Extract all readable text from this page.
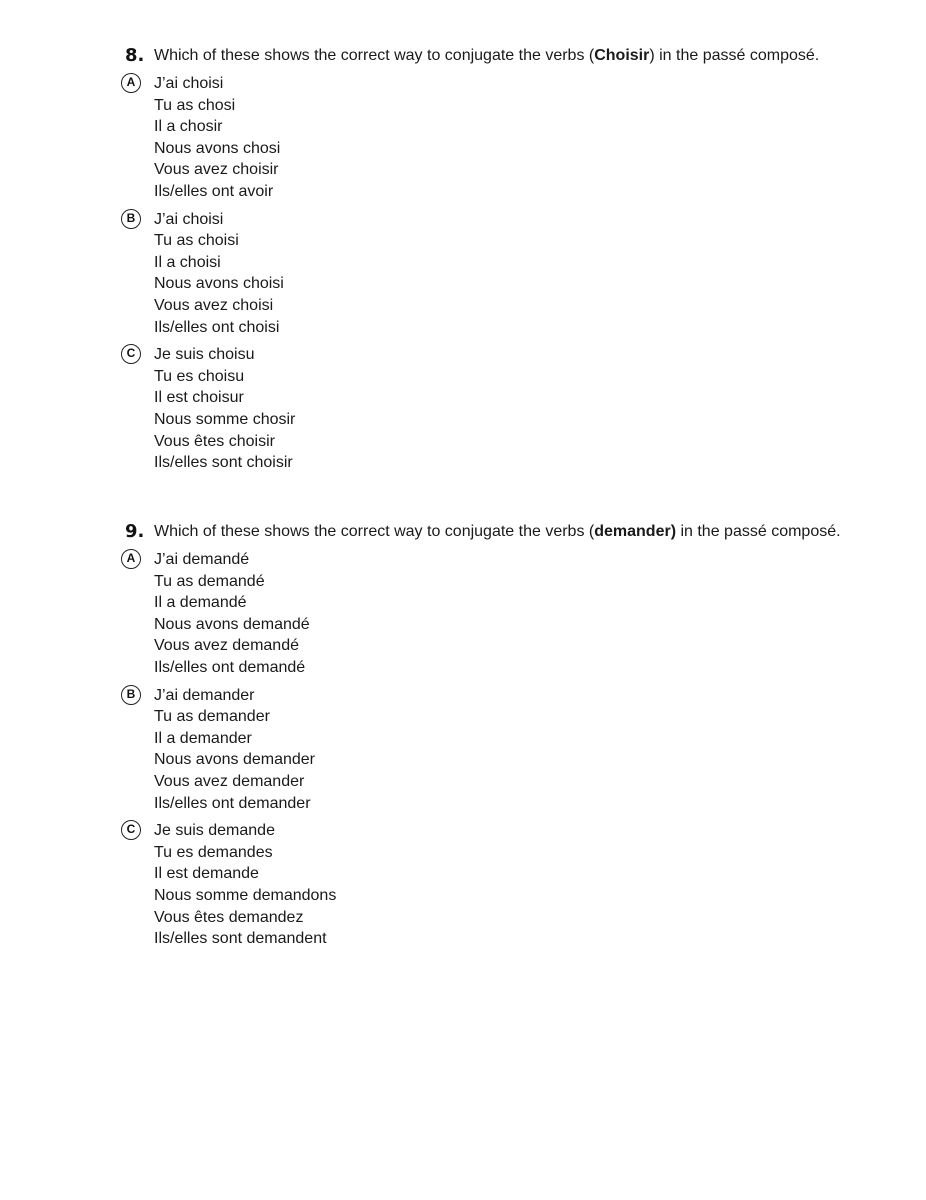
8. Which of these shows the correct way to conjugate the verbs (Choisir) in the passé composé.
A	J’ai choisi
Tu as chosi
Il a chosir
Nous avons chosi
Vous avez choisir
Ils/elles ont avoir
B	J’ai choisi
Tu as choisi
Il a choisi
Nous avons choisi
Vous avez choisi
Ils/elles ont choisi
C	Je suis choisu
Tu es choisu
Il est choisur
Nous somme chosir
Vous êtes choisir
Ils/elles sont choisir
9. Which of these shows the correct way to conjugate the verbs (demander) in the passé composé.
A	J’ai demandé
Tu as demandé
Il a demandé
Nous avons demandé
Vous avez demandé
Ils/elles ont demandé
B	J’ai demander
Tu as demander
Il a demander
Nous avons demander
Vous avez demander
Ils/elles ont demander
C	Je suis demande
Tu es demandes
Il est demande
Nous somme demandons
Vous êtes demandez
Ils/elles sont demandent
